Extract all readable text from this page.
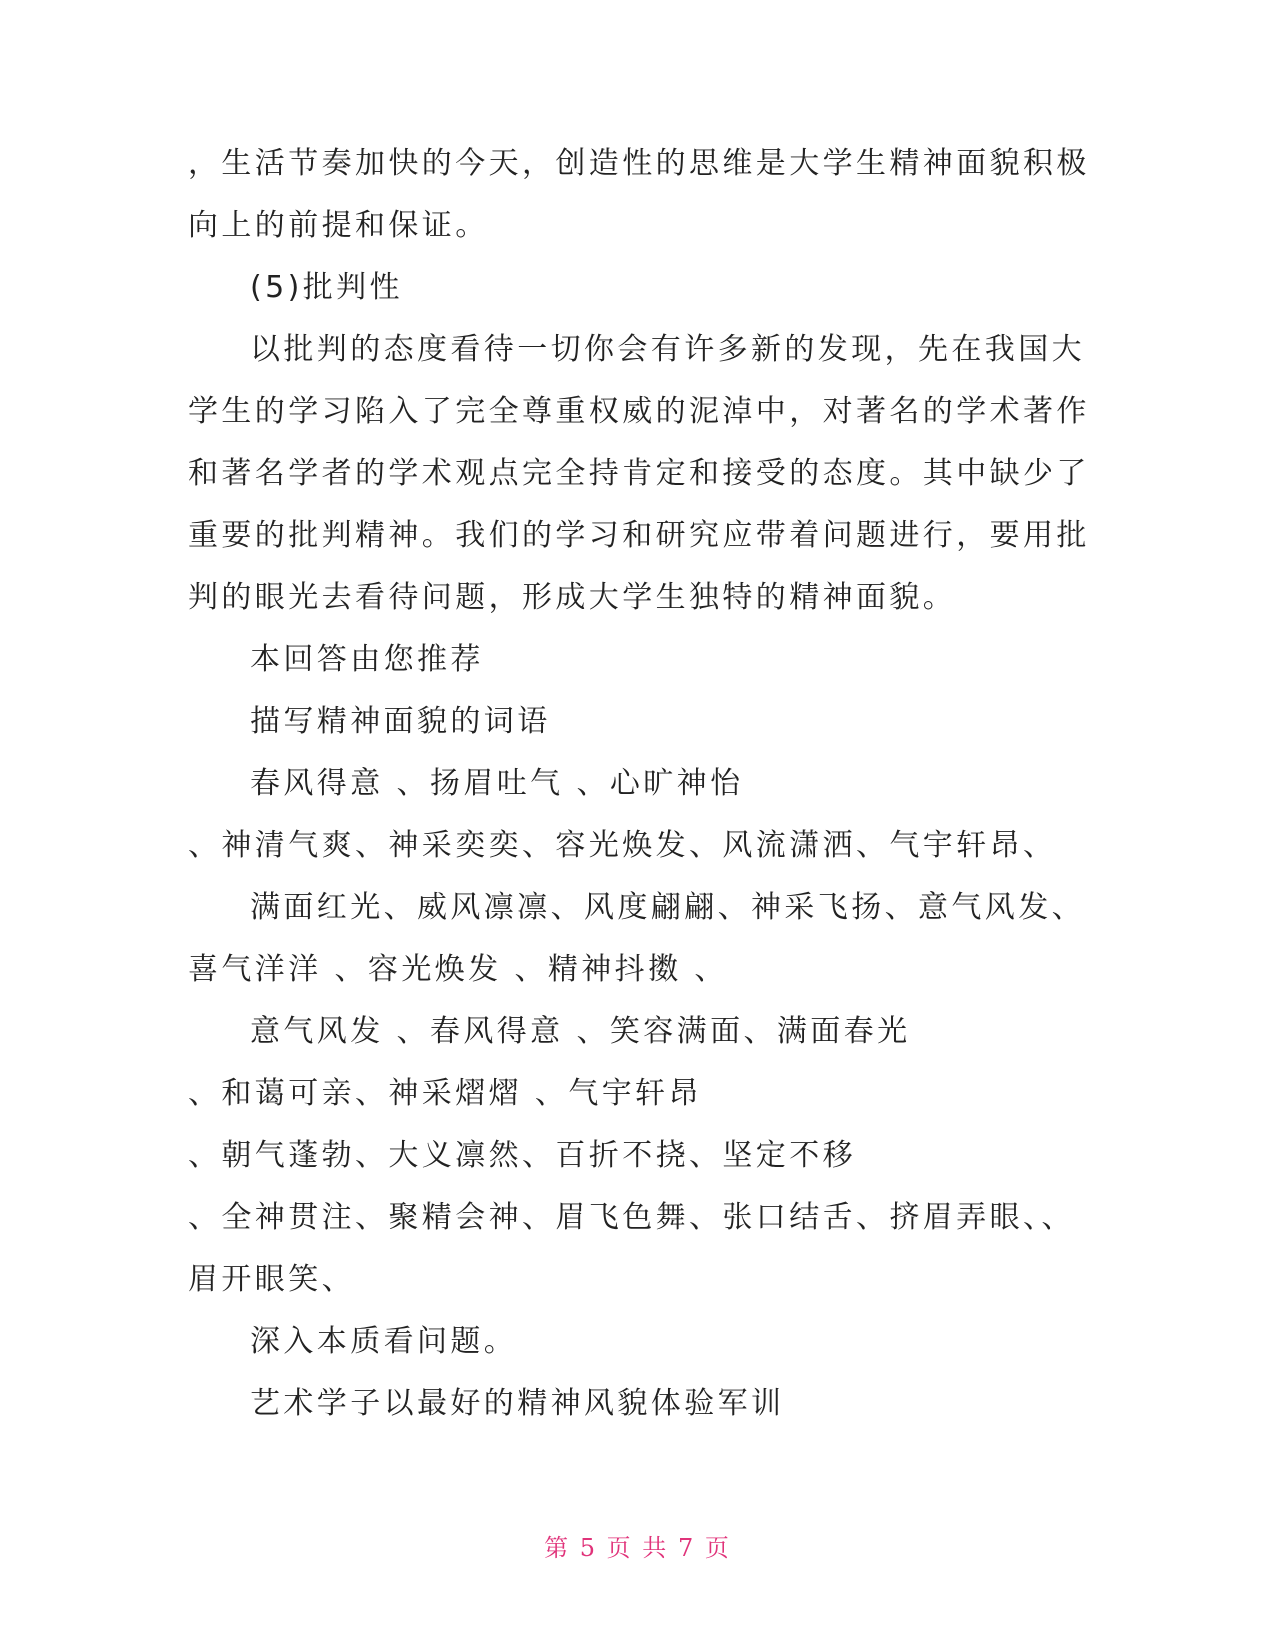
，生活节奏加快的今天，创造性的思维是大学生精神面貌积极
向上的前提和保证。
(5)批判性
以批判的态度看待一切你会有许多新的发现，先在我国大
学生的学习陷入了完全尊重权威的泥淖中，对著名的学术著作
和著名学者的学术观点完全持肯定和接受的态度。其中缺少了
重要的批判精神。我们的学习和研究应带着问题进行，要用批
判的眼光去看待问题，形成大学生独特的精神面貌。
本回答由您推荐
描写精神面貌的词语
春风得意 、扬眉吐气 、心旷神怡
、神清气爽、神采奕奕、容光焕发、风流潇洒、气宇轩昂、
满面红光、威风凛凛、风度翩翩、神采飞扬、意气风发、
喜气洋洋 、容光焕发 、精神抖擞 、
意气风发 、春风得意 、笑容满面、满面春光
、和蔼可亲、神采熠熠 、气宇轩昂
、朝气蓬勃、大义凛然、百折不挠、坚定不移
、全神贯注、聚精会神、眉飞色舞、张口结舌、挤眉弄眼、、
眉开眼笑、
深入本质看问题。
艺术学子以最好的精神风貌体验军训
第 5 页 共 7 页
